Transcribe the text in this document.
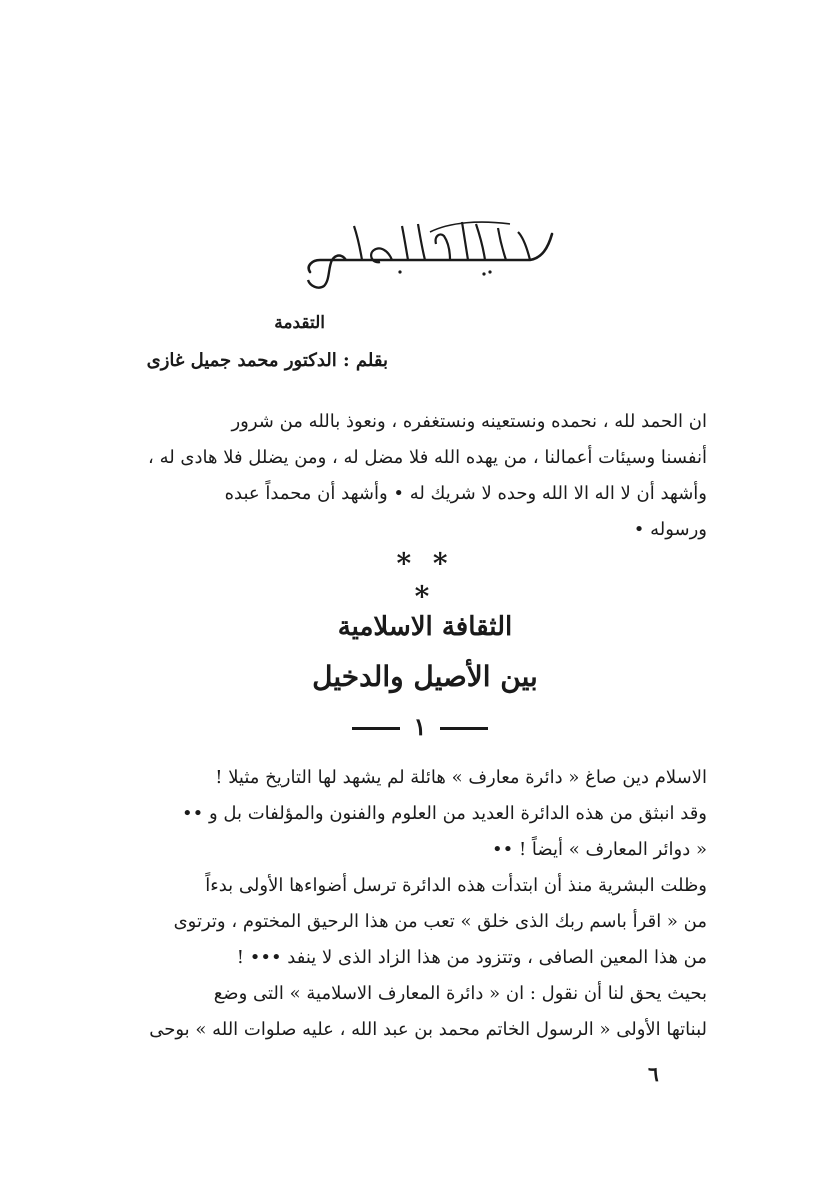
التقدمة
بقلم : الدكتور محمد جميل غازى
ان الحمد لله ، نحمده ونستعينه ونستغفره ، ونعوذ بالله من شرور
أنفسنا وسيئات أعمالنا ، من يهده الله فلا مضل له ، ومن يضلل فلا هادى له ،
وأشهد أن لا اله الا الله وحده لا شريك له • وأشهد أن محمداً عبده
ورسوله •
* * *
الثقافة الاسلامية
بين الأصيل والدخيل
١
الاسلام دين صاغ « دائرة معارف » هائلة لم يشهد لها التاريخ مثيلا !
وقد انبثق من هذه الدائرة العديد من العلوم والفنون والمؤلفات بل و ••
« دوائر المعارف » أيضاً ! ••
وظلت البشرية منذ أن ابتدأت هذه الدائرة ترسل أضواءها الأولى بدءاً
من « اقرأ باسم ربك الذى خلق » تعب من هذا الرحيق المختوم ، وترتوى
من هذا المعين الصافى ، وتتزود من هذا الزاد الذى لا ينفد ••• !
بحيث يحق لنا أن نقول : ان « دائرة المعارف الاسلامية » التى وضع
لبناتها الأولى « الرسول الخاتم محمد بن عبد الله ، عليه صلوات الله » بوحى
٦
